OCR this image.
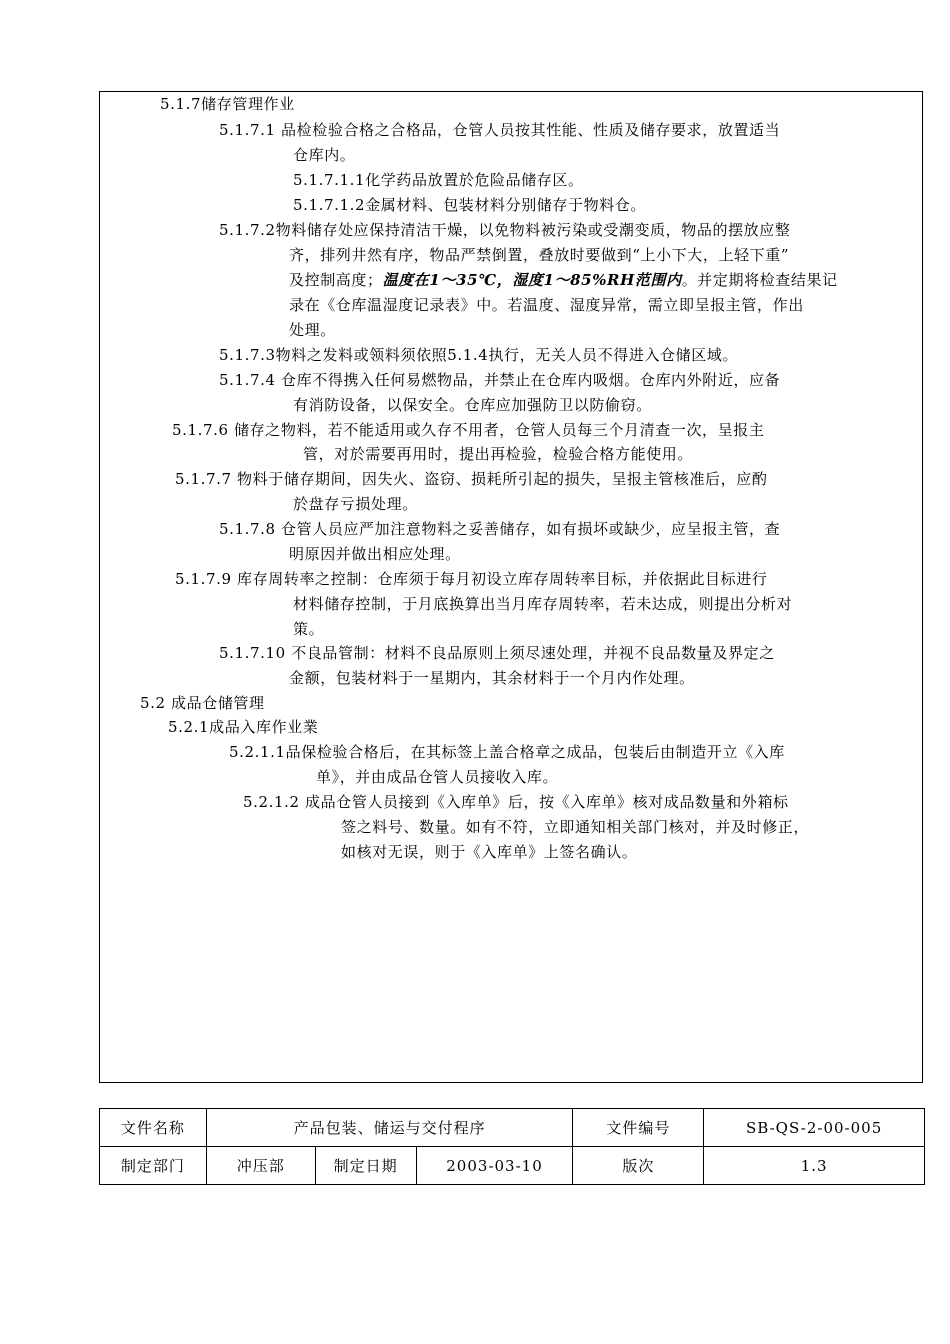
5.1.7储存管理作业
5.1.7.1 品检检验合格之合格品，仓管人员按其性能、性质及储存要求，放置适当
仓库内。
5.1.7.1.1化学药品放置於危险品储存区。
5.1.7.1.2金属材料、包装材料分别储存于物料仓。
5.1.7.2物料储存处应保持清洁干燥，以免物料被污染或受潮变质，物品的摆放应整
齐，排列井然有序，物品严禁倒置，叠放时要做到“上小下大，上轻下重”
及控制高度；温度在1～35℃，湿度1～85%RH范围内。并定期将检查结果记
录在《仓库温湿度记录表》中。若温度、湿度异常，需立即呈报主管，作出
处理。
5.1.7.3物料之发料或领料须依照5.1.4执行，无关人员不得进入仓储区域。
5.1.7.4 仓库不得携入任何易燃物品，并禁止在仓库内吸烟。仓库内外附近，应备
有消防设备，以保安全。仓库应加强防卫以防偷窃。
5.1.7.6 储存之物料，若不能适用或久存不用者，仓管人员每三个月清查一次，呈报主
管，对於需要再用时，提出再检验，检验合格方能使用。
5.1.7.7 物料于储存期间，因失火、盗窃、损耗所引起的损失，呈报主管核准后，应酌
於盘存亏损处理。
5.1.7.8 仓管人员应严加注意物料之妥善储存，如有损坏或缺少，应呈报主管，查
明原因并做出相应处理。
5.1.7.9 库存周转率之控制：仓库须于每月初设立库存周转率目标，并依据此目标进行
材料储存控制，于月底换算出当月库存周转率，若未达成，则提出分析对
策。
5.1.7.10 不良品管制：材料不良品原则上须尽速处理，并视不良品数量及界定之
金额，包装材料于一星期内，其余材料于一个月内作处理。
5.2 成品仓储管理
5.2.1成品入库作业業
5.2.1.1品保检验合格后，在其标签上盖合格章之成品，包装后由制造开立《入库
单》，并由成品仓管人员接收入库。
5.2.1.2 成品仓管人员接到《入库单》后，按《入库单》核对成品数量和外箱标
签之料号、数量。如有不符，立即通知相关部门核对，并及时修正，
如核对无误，则于《入库单》上签名确认。
文件名称	产品包装、储运与交付程序			文件编号	SB-QS-2-00-005
制定部门	冲压部	制定日期	2003-03-10	版次	1.3
